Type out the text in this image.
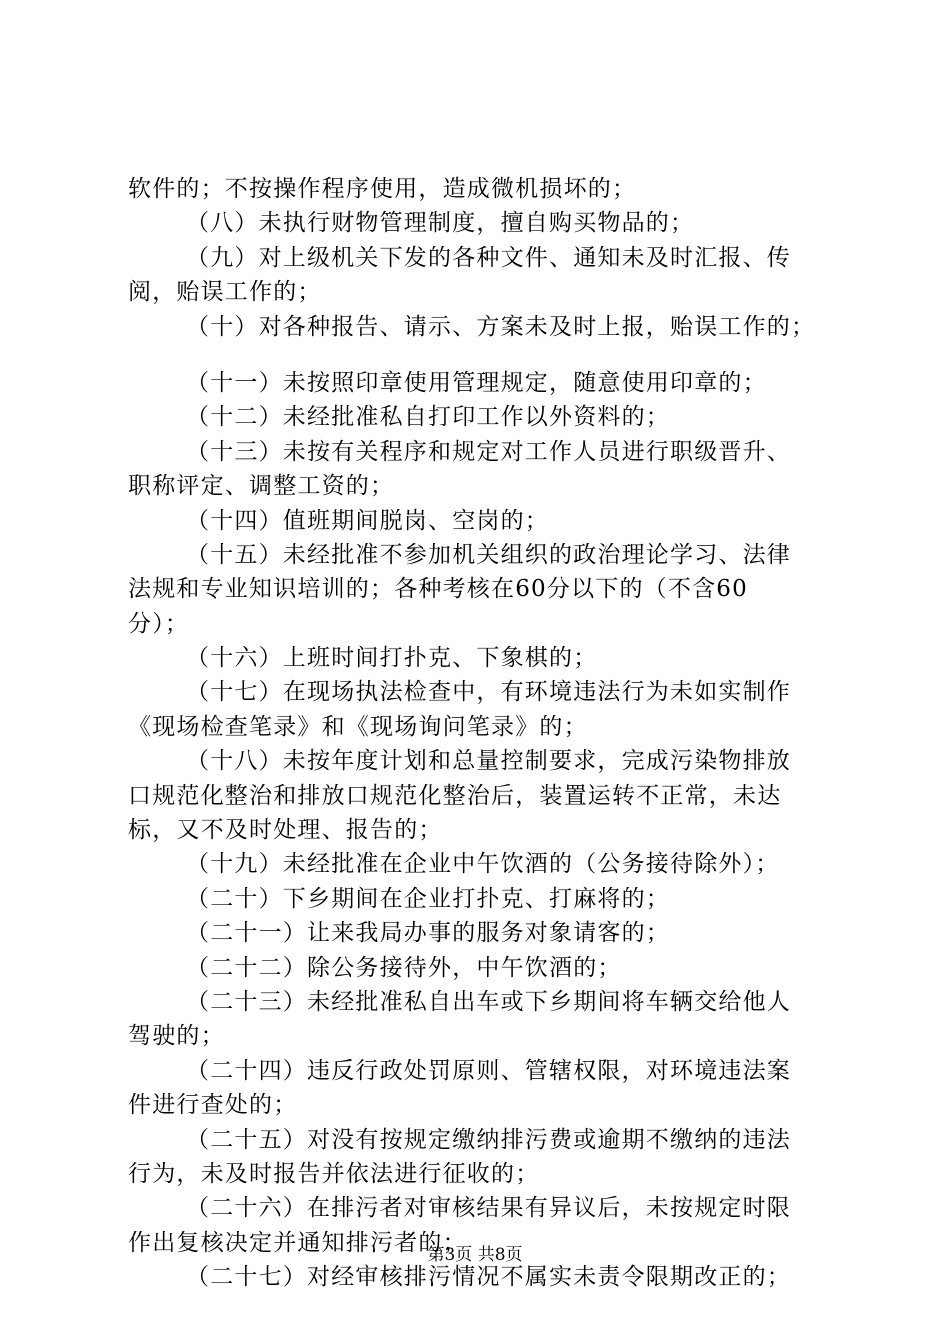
软件的；不按操作程序使用，造成微机损坏的；
（八）未执行财物管理制度，擅自购买物品的；
（九）对上级机关下发的各种文件、通知未及时汇报、传
阅，贻误工作的；
（十）对各种报告、请示、方案未及时上报，贻误工作的；
（十一）未按照印章使用管理规定，随意使用印章的；
（十二）未经批准私自打印工作以外资料的；
（十三）未按有关程序和规定对工作人员进行职级晋升、
职称评定、调整工资的；
（十四）值班期间脱岗、空岗的；
（十五）未经批准不参加机关组织的政治理论学习、法律
法规和专业知识培训的；各种考核在60分以下的（不含60
分）；
（十六）上班时间打扑克、下象棋的；
（十七）在现场执法检查中，有环境违法行为未如实制作
《现场检查笔录》和《现场询问笔录》的；
（十八）未按年度计划和总量控制要求，完成污染物排放
口规范化整治和排放口规范化整治后，装置运转不正常，未达
标，又不及时处理、报告的；
（十九）未经批准在企业中午饮酒的（公务接待除外）；
（二十）下乡期间在企业打扑克、打麻将的；
（二十一）让来我局办事的服务对象请客的；
（二十二）除公务接待外，中午饮酒的；
（二十三）未经批准私自出车或下乡期间将车辆交给他人
驾驶的；
（二十四）违反行政处罚原则、管辖权限，对环境违法案
件进行查处的；
（二十五）对没有按规定缴纳排污费或逾期不缴纳的违法
行为，未及时报告并依法进行征收的；
（二十六）在排污者对审核结果有异议后，未按规定时限
作出复核决定并通知排污者的；
（二十七）对经审核排污情况不属实未责令限期改正的；
第3页 共8页
